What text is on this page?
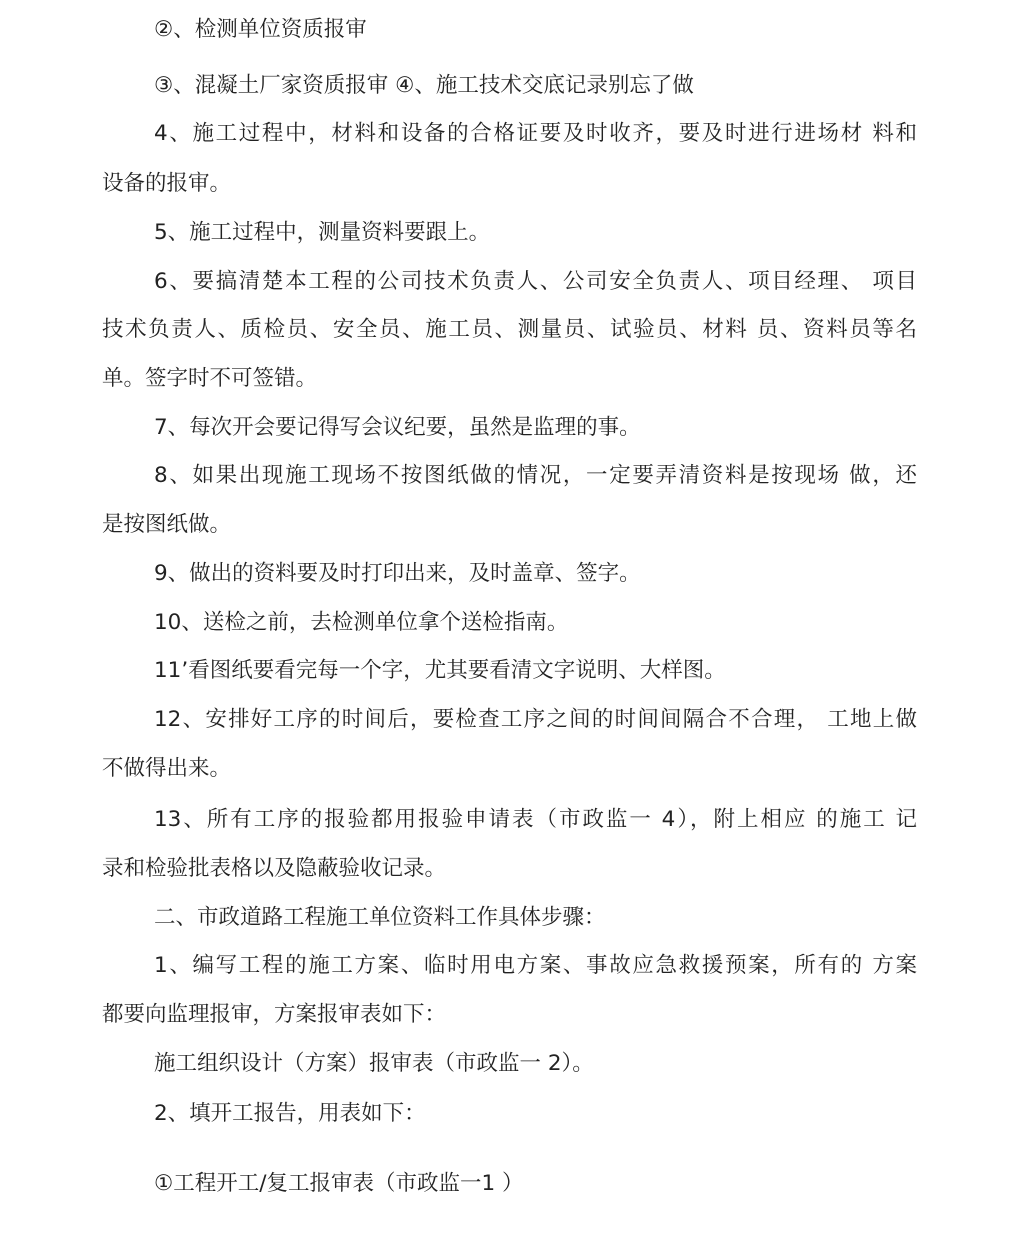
②、检测单位资质报审

③、混凝土厂家资质报审 ④、施工技术交底记录别忘了做

4、施工过程中，材料和设备的合格证要及时收齐，要及时进行进场材 料和

设备的报审。

5、施工过程中，测量资料要跟上。

6、要搞清楚本工程的公司技术负责人、公司安全负责人、项目经理、 项目

技术负责人、质检员、安全员、施工员、测量员、试验员、材料 员、资料员等名

单。签字时不可签错。

7、每次开会要记得写会议纪要，虽然是监理的事。

8、如果出现施工现场不按图纸做的情况，一定要弄清资料是按现场 做，还

是按图纸做。

9、做出的资料要及时打印出来，及时盖章、签字。

10、送检之前，去检测单位拿个送检指南。

11’看图纸要看完每一个字，尤其要看清文字说明、大样图。

12、安排好工序的时间后，要检查工序之间的时间间隔合不合理， 工地上做

不做得出来。

13、所有工序的报验都用报验申请表（市政监一 4），附上相应 的施工 记

录和检验批表格以及隐蔽验收记录。

二、市政道路工程施工单位资料工作具体步骤：

1、编写工程的施工方案、临时用电方案、事故应急救援预案，所有的 方案

都要向监理报审，方案报审表如下：

施工组织设计（方案）报审表（市政监一 2）。

2、填开工报告，用表如下：

①工程开工/复工报审表（市政监一1 ）
